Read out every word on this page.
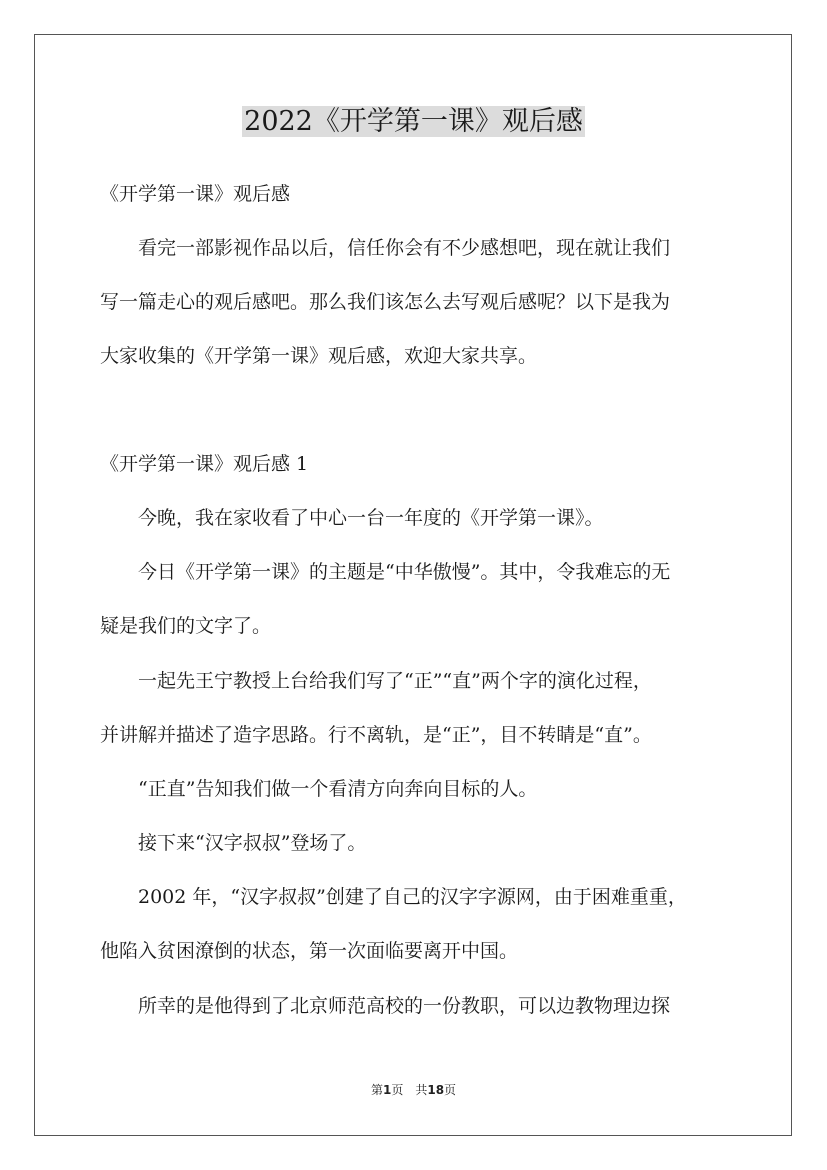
2022《开学第一课》观后感

《开学第一课》观后感

看完一部影视作品以后，信任你会有不少感想吧，现在就让我们

写一篇走心的观后感吧。那么我们该怎么去写观后感呢？以下是我为

大家收集的《开学第一课》观后感，欢迎大家共享。

《开学第一课》观后感 1

今晚，我在家收看了中心一台一年度的《开学第一课》。

今日《开学第一课》的主题是“中华傲慢”。其中，令我难忘的无

疑是我们的文字了。

一起先王宁教授上台给我们写了“正”“直”两个字的演化过程，

并讲解并描述了造字思路。行不离轨，是“正”，目不转睛是“直”。

“正直”告知我们做一个看清方向奔向目标的人。

接下来“汉字叔叔”登场了。

2002 年，“汉字叔叔”创建了自己的汉字字源网，由于困难重重，

他陷入贫困潦倒的状态，第一次面临要离开中国。

所幸的是他得到了北京师范高校的一份教职，可以边教物理边探

第1页 共18页
